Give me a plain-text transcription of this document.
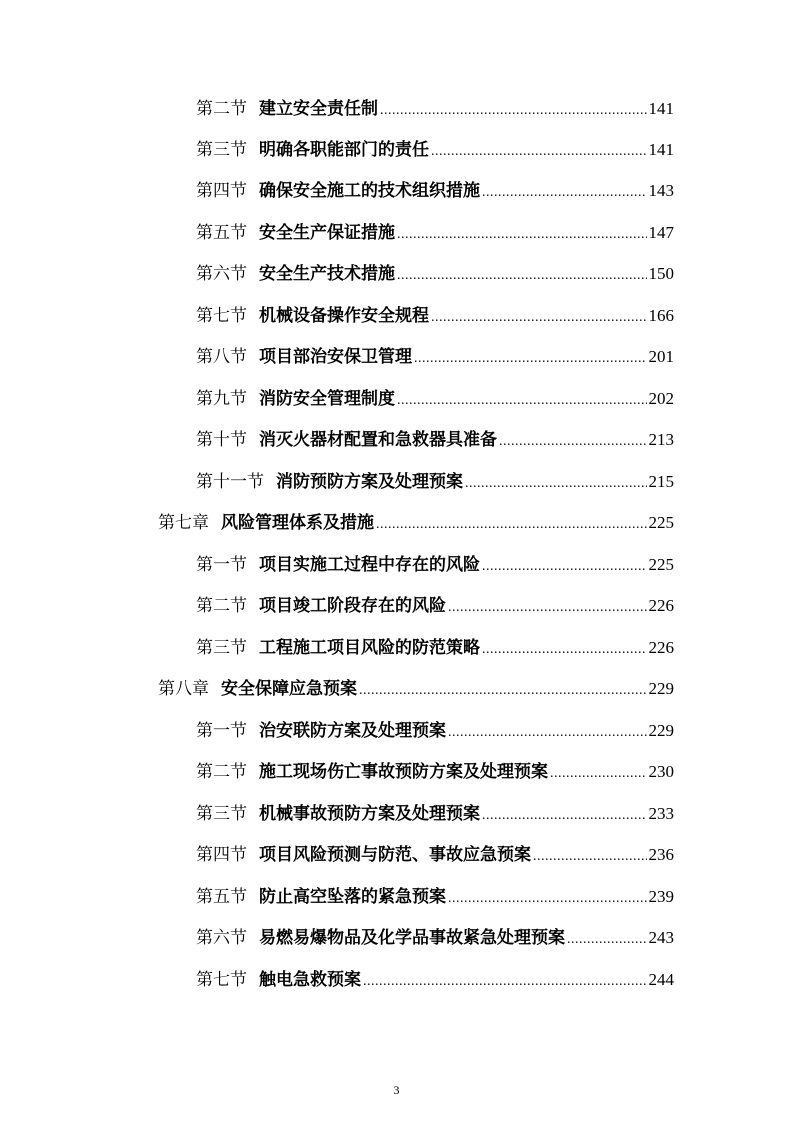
第二节 建立安全责任制 .....	141
第三节 明确各职能部门的责任 .....	141
第四节 确保安全施工的技术组织措施 .....	143
第五节 安全生产保证措施 .....	147
第六节 安全生产技术措施 .....	150
第七节 机械设备操作安全规程 .....	166
第八节 项目部治安保卫管理 .....	201
第九节 消防安全管理制度 .....	202
第十节 消灭火器材配置和急救器具准备 .....	213
第十一节 消防预防方案及处理预案 .....	215
第七章 风险管理体系及措施 .....	225
第一节 项目实施工过程中存在的风险 .....	225
第二节 项目竣工阶段存在的风险 .....	226
第三节 工程施工项目风险的防范策略 .....	226
第八章 安全保障应急预案 .....	229
第一节 治安联防方案及处理预案 .....	229
第二节 施工现场伤亡事故预防方案及处理预案 .....	230
第三节 机械事故预防方案及处理预案 .....	233
第四节 项目风险预测与防范、事故应急预案 .....	236
第五节 防止高空坠落的紧急预案 .....	239
第六节 易燃易爆物品及化学品事故紧急处理预案 .....	243
第七节 触电急救预案 .....	244
3
